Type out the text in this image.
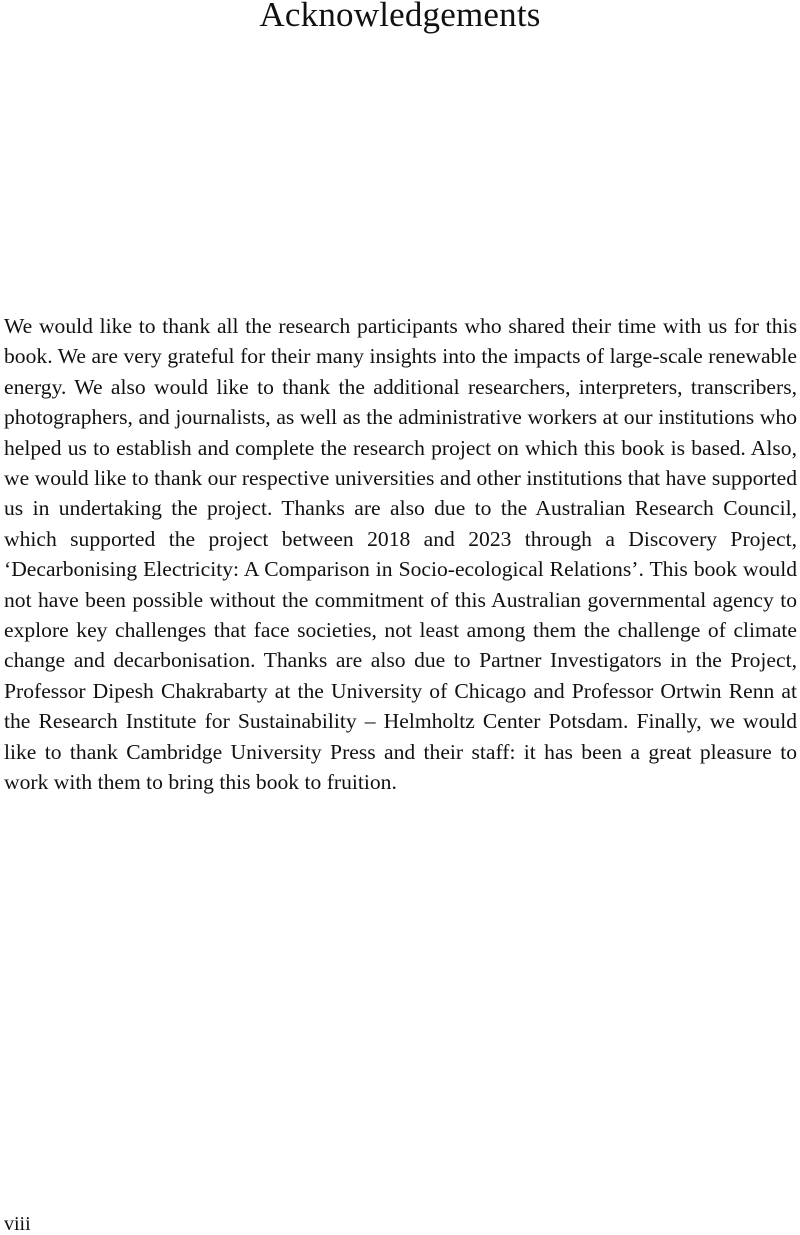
Acknowledgements

We would like to thank all the research participants who shared their time with us for this book. We are very grateful for their many insights into the impacts of large-scale renewable energy. We also would like to thank the additional researchers, interpreters, transcribers, photographers, and journalists, as well as the administrative workers at our institutions who helped us to establish and complete the research project on which this book is based. Also, we would like to thank our respective universities and other institutions that have supported us in undertaking the project. Thanks are also due to the Australian Research Council, which supported the project between 2018 and 2023 through a Discovery Project, ‘Decarbonising Electricity: A Comparison in Socio-ecological Relations’. This book would not have been possible without the commitment of this Australian governmental agency to explore key challenges that face societies, not least among them the challenge of climate change and decarbonisation. Thanks are also due to Partner Investigators in the Project, Professor Dipesh Chakrabarty at the University of Chicago and Professor Ortwin Renn at the Research Institute for Sustainability – Helmholtz Center Potsdam. Finally, we would like to thank Cambridge University Press and their staff: it has been a great pleasure to work with them to bring this book to fruition.

viii
